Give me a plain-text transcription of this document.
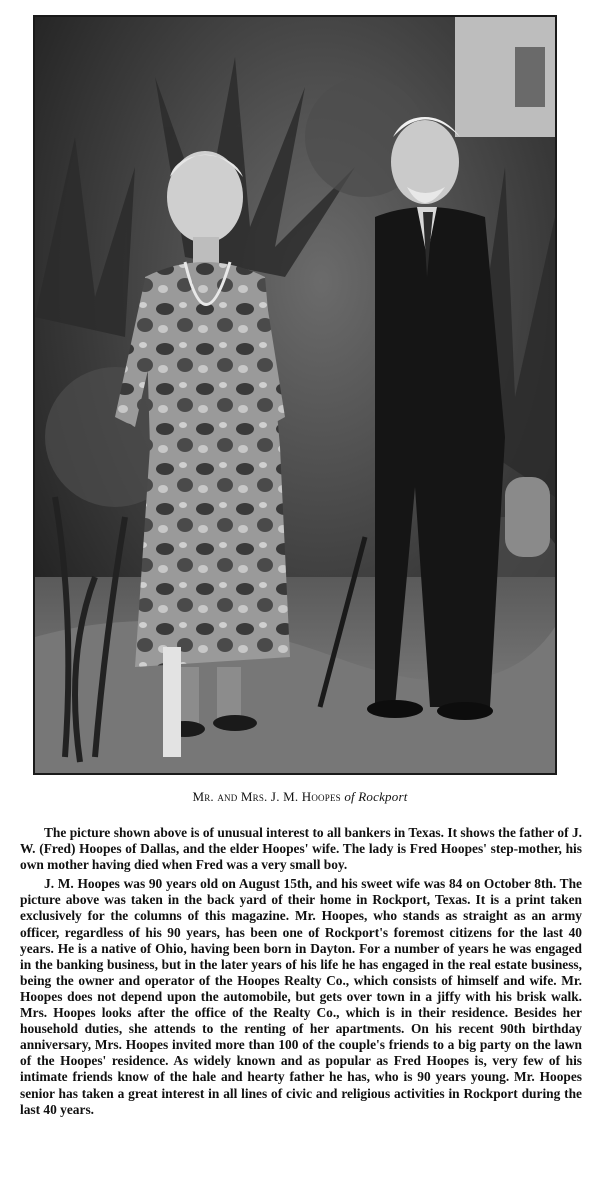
Mr. and Mrs. J. M. Hoopes of Rockport

The picture shown above is of unusual interest to all bankers in Texas. It shows the father of J. W. (Fred) Hoopes of Dallas, and the elder Hoopes' wife. The lady is Fred Hoopes' step-mother, his own mother having died when Fred was a very small boy.

J. M. Hoopes was 90 years old on August 15th, and his sweet wife was 84 on October 8th. The picture above was taken in the back yard of their home in Rockport, Texas. It is a print taken exclusively for the columns of this magazine. Mr. Hoopes, who stands as straight as an army officer, regardless of his 90 years, has been one of Rockport's foremost citizens for the last 40 years. He is a native of Ohio, having been born in Dayton. For a number of years he was engaged in the banking business, but in the later years of his life he has engaged in the real estate business, being the owner and operator of the Hoopes Realty Co., which consists of himself and wife. Mr. Hoopes does not depend upon the automobile, but gets over town in a jiffy with his brisk walk. Mrs. Hoopes looks after the office of the Realty Co., which is in their residence. Besides her household duties, she attends to the renting of her apartments. On his recent 90th birthday anniversary, Mrs. Hoopes invited more than 100 of the couple's friends to a big party on the lawn of the Hoopes' residence. As widely known and as popular as Fred Hoopes is, very few of his intimate friends know of the hale and hearty father he has, who is 90 years young. Mr. Hoopes senior has taken a great interest in all lines of civic and religious activities in Rockport during the last 40 years.
